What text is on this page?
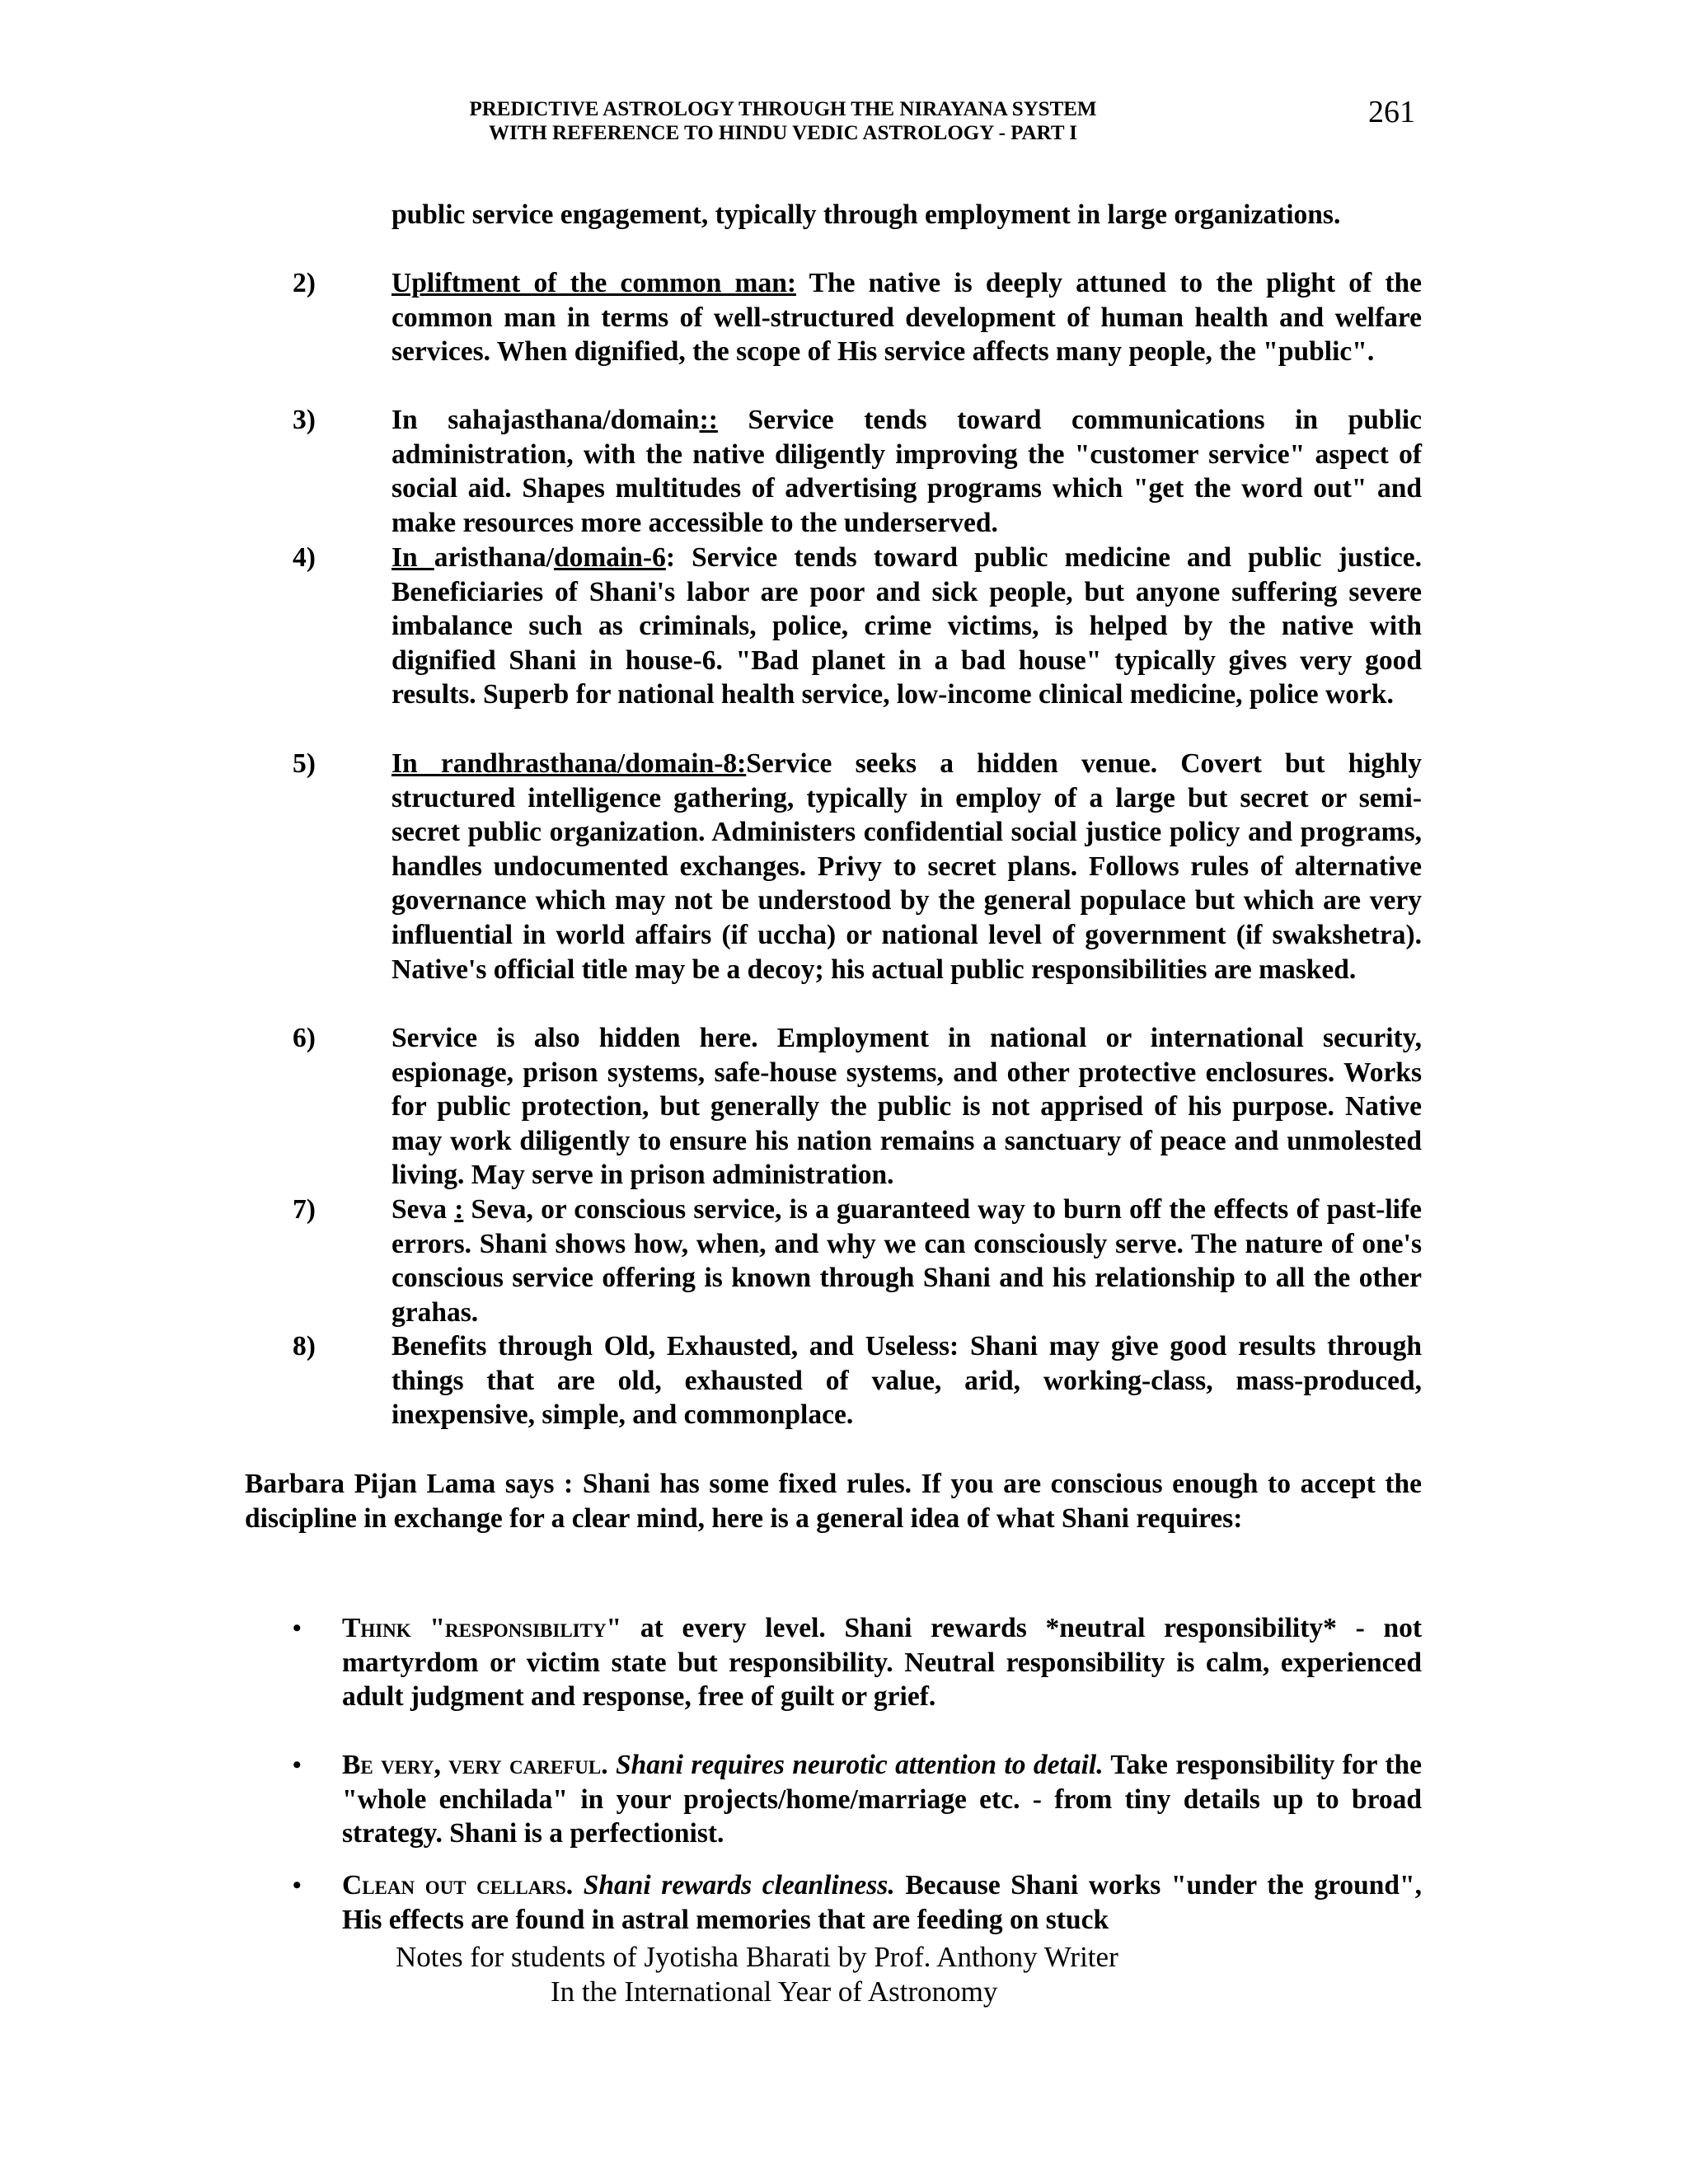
PREDICTIVE ASTROLOGY THROUGH THE NIRAYANA SYSTEM
WITH REFERENCE TO HINDU VEDIC ASTROLOGY - PART I
261
public service engagement, typically through employment in large organizations.
2)	Upliftment of the common man: The native is deeply attuned to the plight of the common man in terms of well-structured development of human health and welfare services. When dignified, the scope of His service affects many people, the "public".
3)	In sahajasthana/domain:: Service tends toward communications in public administration, with the native diligently improving the "customer service" aspect of social aid. Shapes multitudes of advertising programs which "get the word out" and make resources more accessible to the underserved.
4)	In aristhana/domain-6: Service tends toward public medicine and public justice. Beneficiaries of Shani's labor are poor and sick people, but anyone suffering severe imbalance such as criminals, police, crime victims, is helped by the native with dignified Shani in house-6. "Bad planet in a bad house" typically gives very good results. Superb for national health service, low-income clinical medicine, police work.
5)	In randhrasthana/domain-8:Service seeks a hidden venue. Covert but highly structured intelligence gathering, typically in employ of a large but secret or semi-secret public organization. Administers confidential social justice policy and programs, handles undocumented exchanges. Privy to secret plans. Follows rules of alternative governance which may not be understood by the general populace but which are very influential in world affairs (if uccha) or national level of government (if swakshetra). Native's official title may be a decoy; his actual public responsibilities are masked.
6)	Service is also hidden here. Employment in national or international security, espionage, prison systems, safe-house systems, and other protective enclosures. Works for public protection, but generally the public is not apprised of his purpose. Native may work diligently to ensure his nation remains a sanctuary of peace and unmolested living. May serve in prison administration.
7)	Seva : Seva, or conscious service, is a guaranteed way to burn off the effects of past-life errors. Shani shows how, when, and why we can consciously serve. The nature of one's conscious service offering is known through Shani and his relationship to all the other grahas.
8)	Benefits through Old, Exhausted, and Useless: Shani may give good results through things that are old, exhausted of value, arid, working-class, mass-produced, inexpensive, simple, and commonplace.
Barbara Pijan Lama says : Shani has some fixed rules. If you are conscious enough to accept the discipline in exchange for a clear mind, here is a general idea of what Shani requires:
• Think "responsibility" at every level. Shani rewards *neutral responsibility* - not martyrdom or victim state but responsibility. Neutral responsibility is calm, experienced adult judgment and response, free of guilt or grief.
• Be very, very careful. Shani requires neurotic attention to detail. Take responsibility for the "whole enchilada" in your projects/home/marriage etc. - from tiny details up to broad strategy. Shani is a perfectionist.
• Clean out cellars. Shani rewards cleanliness. Because Shani works "under the ground", His effects are found in astral memories that are feeding on stuck
Notes for students of Jyotisha Bharati by Prof. Anthony Writer
In the International Year of Astronomy
